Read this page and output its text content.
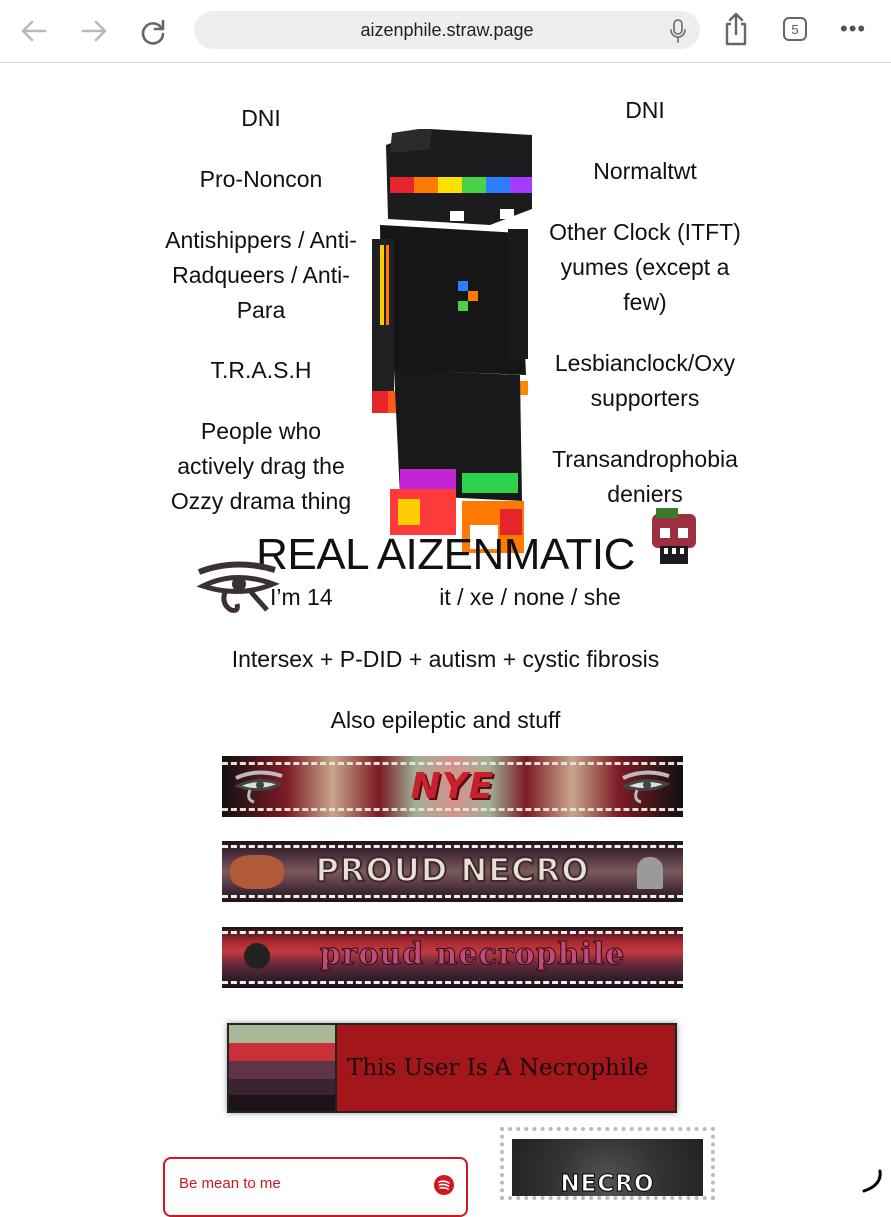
aizenphile.straw.page	5	•••
DNI
Pro-Noncon
Antishippers / Anti-Radqueers / Anti-Para
T.R.A.S.H
People who actively drag the Ozzy drama thing
DNI
Normaltwt
Other Clock (ITFT) yumes (except a few)
Lesbianclock/Oxy supporters
Transandrophobia deniers
REAL AIZENMATIC
I’m 14	it / xe / none / she
Intersex + P-DID + autism + cystic fibrosis
Also epileptic and stuff
NYE
PROUD NECRO
proud necrophile
This User Is A Necrophile
Be mean to me	NECRO
